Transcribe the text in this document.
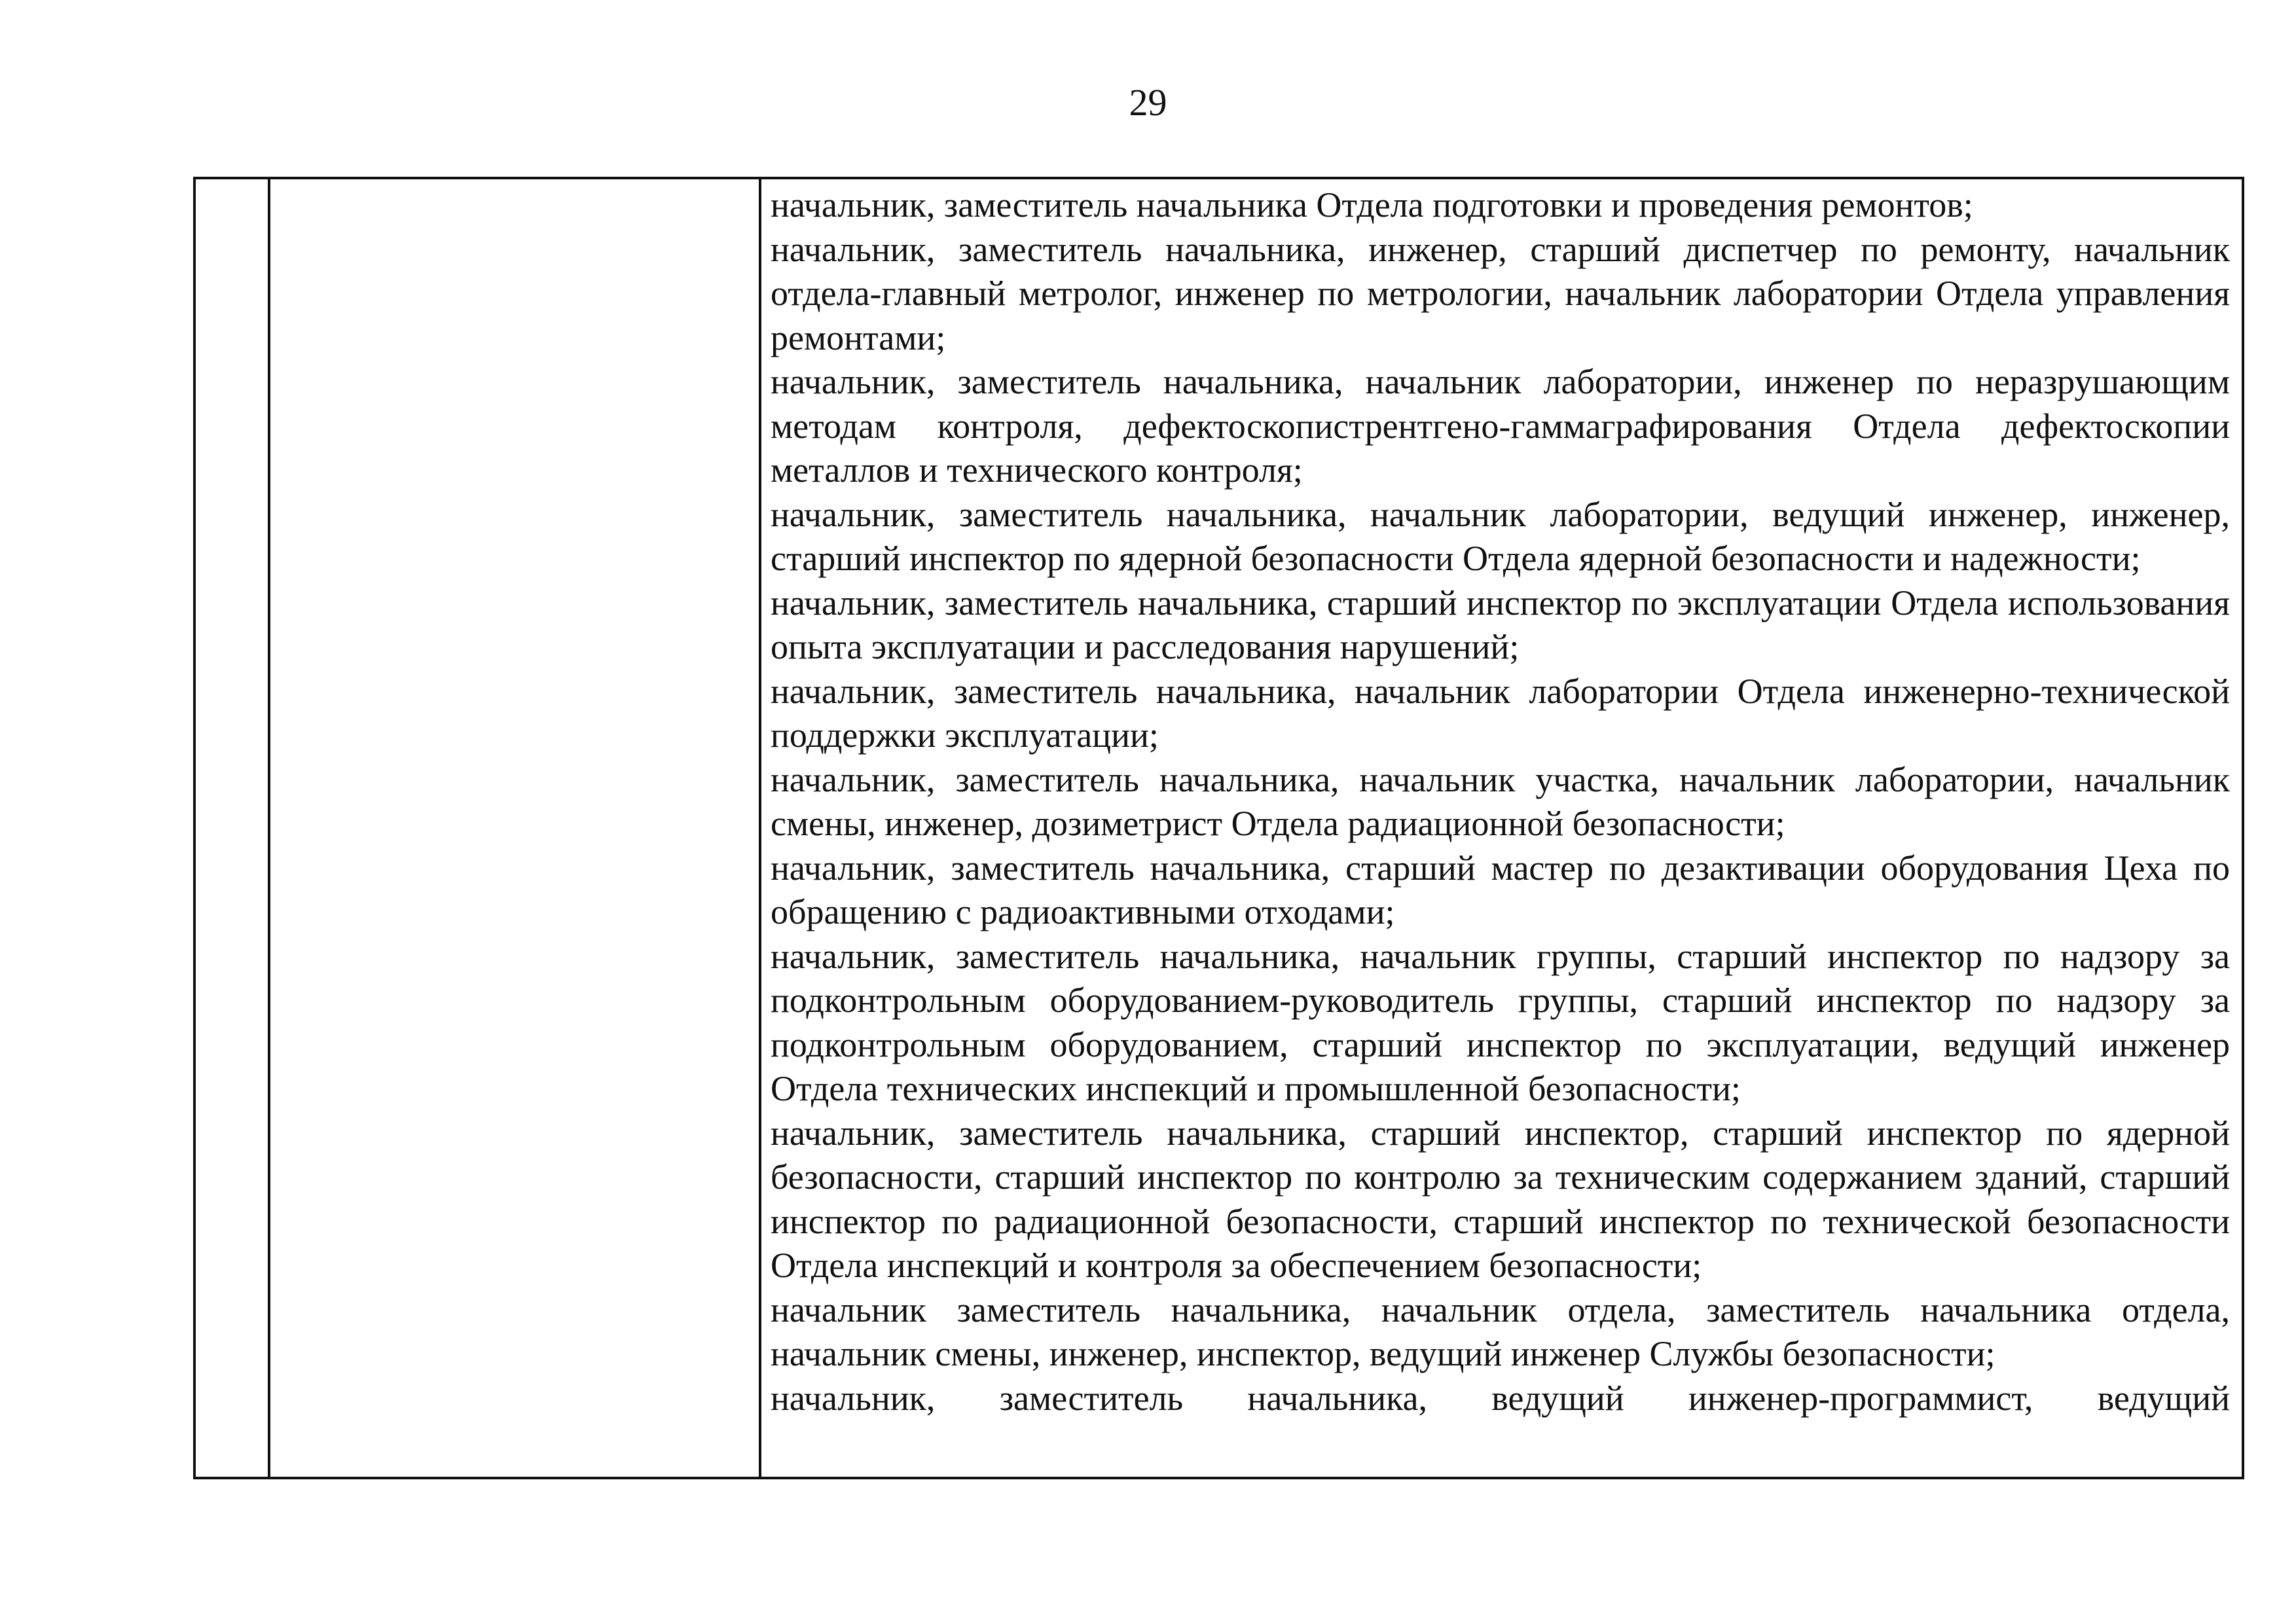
29
начальник, заместитель начальника Отдела подготовки и проведения ремонтов;
начальник, заместитель начальника, инженер, старший диспетчер по ремонту, начальник отдела-главный метролог, инженер по метрологии, начальник лаборатории Отдела управления ремонтами;
начальник, заместитель начальника, начальник лаборатории, инженер по неразрушающим методам контроля, дефектоскопистрентгено-гаммаграфирования Отдела дефектоскопии металлов и технического контроля;
начальник, заместитель начальника, начальник лаборатории, ведущий инженер, инженер, старший инспектор по ядерной безопасности Отдела ядерной безопасности и надежности;
начальник, заместитель начальника, старший инспектор по эксплуатации Отдела использования опыта эксплуатации и расследования нарушений;
начальник, заместитель начальника, начальник лаборатории Отдела инженерно-технической поддержки эксплуатации;
начальник, заместитель начальника, начальник участка, начальник лаборатории, начальник смены, инженер, дозиметрист Отдела радиационной безопасности;
начальник, заместитель начальника, старший мастер по дезактивации оборудования Цеха по обращению с радиоактивными отходами;
начальник, заместитель начальника, начальник группы, старший инспектор по надзору за подконтрольным оборудованием-руководитель группы, старший инспектор по надзору за подконтрольным оборудованием, старший инспектор по эксплуатации, ведущий инженер Отдела технических инспекций и промышленной безопасности;
начальник, заместитель начальника, старший инспектор, старший инспектор по ядерной безопасности, старший инспектор по контролю за техническим содержанием зданий, старший инспектор по радиационной безопасности, старший инспектор по технической безопасности Отдела инспекций и контроля за обеспечением безопасности;
начальник заместитель начальника, начальник отдела, заместитель начальника отдела, начальник смены, инженер, инспектор, ведущий инженер Службы безопасности;
начальник, заместитель начальника, ведущий инженер-программист, ведущий
